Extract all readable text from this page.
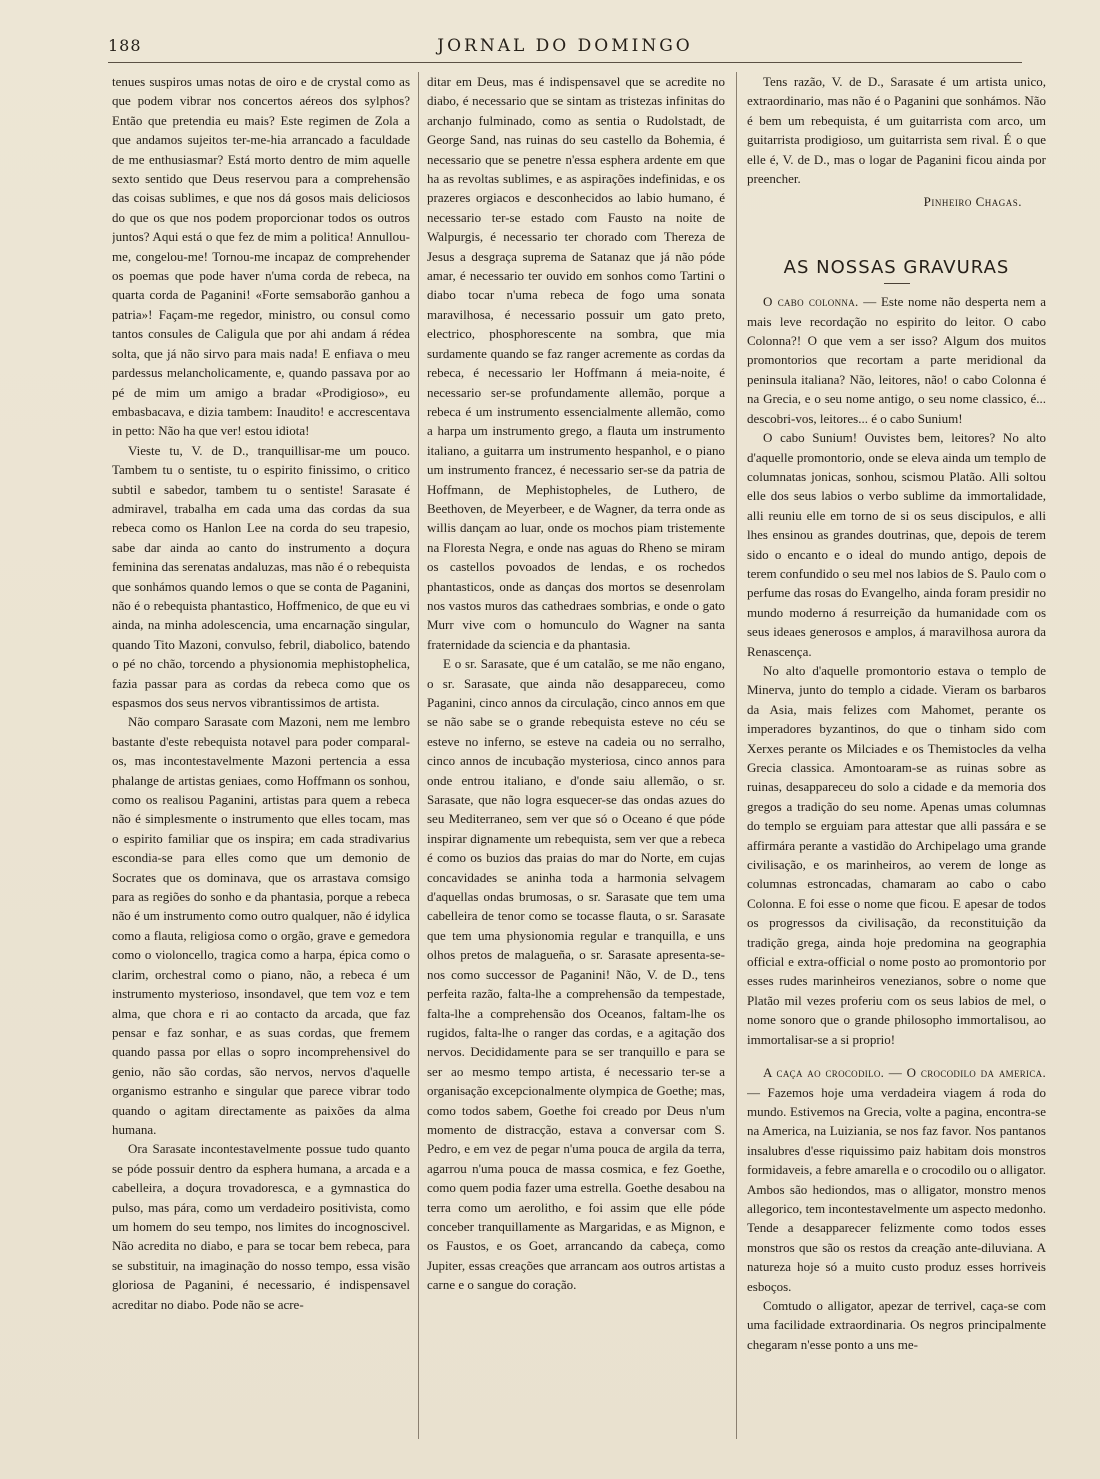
188	JORNAL DO DOMINGO

tenues suspiros umas notas de oiro e de crystal como as que podem vibrar nos concertos aéreos dos sylphos? Então que pretendia eu mais? Este regimen de Zola a que andamos sujeitos ter-me-hia arrancado a faculdade de me enthusiasmar? Está morto dentro de mim aquelle sexto sentido que Deus reservou para a comprehensão das coisas sublimes, e que nos dá gosos mais deliciosos do que os que nos podem proporcionar todos os outros juntos? Aqui está o que fez de mim a politica! Annullou-me, congelou-me! Tornou-me incapaz de comprehender os poemas que pode haver n'uma corda de rebeca, na quarta corda de Paganini! «Forte semsaborão ganhou a patria»! Façam-me regedor, ministro, ou consul como tantos consules de Caligula que por ahi andam á rédea solta, que já não sirvo para mais nada! E enfiava o meu pardessus melancholicamente, e, quando passava por ao pé de mim um amigo a bradar «Prodigioso», eu embasbacava, e dizia tambem: Inaudito! e accrescentava in petto: Não ha que ver! estou idiota!

Vieste tu, V. de D., tranquillisar-me um pouco. Tambem tu o sentiste, tu o espirito finissimo, o critico subtil e sabedor, tambem tu o sentiste! Sarasate é admiravel, trabalha em cada uma das cordas da sua rebeca como os Hanlon Lee na corda do seu trapesio, sabe dar ainda ao canto do instrumento a doçura feminina das serenatas andaluzas, mas não é o rebequista que sonhámos quando lemos o que se conta de Paganini, não é o rebequista phantastico, Hoffmenico, de que eu vi ainda, na minha adolescencia, uma encarnação singular, quando Tito Mazoni, convulso, febril, diabolico, batendo o pé no chão, torcendo a physionomia mephistophelica, fazia passar para as cordas da rebeca como que os espasmos dos seus nervos vibrantissimos de artista.

Não comparo Sarasate com Mazoni, nem me lembro bastante d'este rebequista notavel para poder comparal-os, mas incontestavelmente Mazoni pertencia a essa phalange de artistas geniaes, como Hoffmann os sonhou, como os realisou Paganini, artistas para quem a rebeca não é simplesmente o instrumento que elles tocam, mas o espirito familiar que os inspira; em cada stradivarius escondia-se para elles como que um demonio de Socrates que os dominava, que os arrastava comsigo para as regiões do sonho e da phantasia, porque a rebeca não é um instrumento como outro qualquer, não é idylica como a flauta, religiosa como o orgão, grave e gemedora como o violoncello, tragica como a harpa, épica como o clarim, orchestral como o piano, não, a rebeca é um instrumento mysterioso, insondavel, que tem voz e tem alma, que chora e ri ao contacto da arcada, que faz pensar e faz sonhar, e as suas cordas, que fremem quando passa por ellas o sopro incomprehensivel do genio, não são cordas, são nervos, nervos d'aquelle organismo estranho e singular que parece vibrar todo quando o agitam directamente as paixões da alma humana.

Ora Sarasate incontestavelmente possue tudo quanto se póde possuir dentro da esphera humana, a arcada e a cabelleira, a doçura trovadoresca, e a gymnastica do pulso, mas pára, como um verdadeiro positivista, como um homem do seu tempo, nos limites do incognoscivel. Não acredita no diabo, e para se tocar bem rebeca, para se substituir, na imaginação do nosso tempo, essa visão gloriosa de Paganini, é necessario, é indispensavel acreditar no diabo. Pode não se acre-

ditar em Deus, mas é indispensavel que se acredite no diabo, é necessario que se sintam as tristezas infinitas do archanjo fulminado, como as sentia o Rudolstadt, de George Sand, nas ruinas do seu castello da Bohemia, é necessario que se penetre n'essa esphera ardente em que ha as revoltas sublimes, e as aspirações indefinidas, e os prazeres orgiacos e desconhecidos ao labio humano, é necessario ter-se estado com Fausto na noite de Walpurgis, é necessario ter chorado com Thereza de Jesus a desgraça suprema de Satanaz que já não póde amar, é necessario ter ouvido em sonhos como Tartini o diabo tocar n'uma rebeca de fogo uma sonata maravilhosa, é necessario possuir um gato preto, electrico, phosphorescente na sombra, que mia surdamente quando se faz ranger acremente as cordas da rebeca, é necessario ler Hoffmann á meia-noite, é necessario ser-se profundamente allemão, porque a rebeca é um instrumento essencialmente allemão, como a harpa um instrumento grego, a flauta um instrumento italiano, a guitarra um instrumento hespanhol, e o piano um instrumento francez, é necessario ser-se da patria de Hoffmann, de Mephistopheles, de Luthero, de Beethoven, de Meyerbeer, e de Wagner, da terra onde as willis dançam ao luar, onde os mochos piam tristemente na Floresta Negra, e onde nas aguas do Rheno se miram os castellos povoados de lendas, e os rochedos phantasticos, onde as danças dos mortos se desenrolam nos vastos muros das cathedraes sombrias, e onde o gato Murr vive com o homunculo do Wagner na santa fraternidade da sciencia e da phantasia.

E o sr. Sarasate, que é um catalão, se me não engano, o sr. Sarasate, que ainda não desappareceu, como Paganini, cinco annos da circulação, cinco annos em que se não sabe se o grande rebequista esteve no céu se esteve no inferno, se esteve na cadeia ou no serralho, cinco annos de incubação mysteriosa, cinco annos para onde entrou italiano, e d'onde saiu allemão, o sr. Sarasate, que não logra esquecer-se das ondas azues do seu Mediterraneo, sem ver que só o Oceano é que póde inspirar dignamente um rebequista, sem ver que a rebeca é como os buzios das praias do mar do Norte, em cujas concavidades se aninha toda a harmonia selvagem d'aquellas ondas brumosas, o sr. Sarasate que tem uma cabelleira de tenor como se tocasse flauta, o sr. Sarasate que tem uma physionomia regular e tranquilla, e uns olhos pretos de malagueña, o sr. Sarasate apresenta-se-nos como successor de Paganini! Não, V. de D., tens perfeita razão, falta-lhe a comprehensão da tempestade, falta-lhe a comprehensão dos Oceanos, faltam-lhe os rugidos, falta-lhe o ranger das cordas, e a agitação dos nervos. Decididamente para se ser tranquillo e para se ser ao mesmo tempo artista, é necessario ter-se a organisação excepcionalmente olympica de Goethe; mas, como todos sabem, Goethe foi creado por Deus n'um momento de distracção, estava a conversar com S. Pedro, e em vez de pegar n'uma pouca de argila da terra, agarrou n'uma pouca de massa cosmica, e fez Goethe, como quem podia fazer uma estrella. Goethe desabou na terra como um aerolitho, e foi assim que elle póde conceber tranquillamente as Margaridas, e as Mignon, e os Faustos, e os Goet, arrancando da cabeça, como Jupiter, essas creações que arrancam aos outros artistas a carne e o sangue do coração.

Tens razão, V. de D., Sarasate é um artista unico, extraordinario, mas não é o Paganini que sonhámos. Não é bem um rebequista, é um guitarrista com arco, um guitarrista prodigioso, um guitarrista sem rival. É o que elle é, V. de D., mas o logar de Paganini ficou ainda por preencher.

Pinheiro Chagas.
AS NOSSAS GRAVURAS

O cabo colonna. — Este nome não desperta nem a mais leve recordação no espirito do leitor. O cabo Colonna?! O que vem a ser isso? Algum dos muitos promontorios que recortam a parte meridional da peninsula italiana? Não, leitores, não! o cabo Colonna é na Grecia, e o seu nome antigo, o seu nome classico, é... descobri-vos, leitores... é o cabo Sunium!

O cabo Sunium! Ouvistes bem, leitores? No alto d'aquelle promontorio, onde se eleva ainda um templo de columnatas jonicas, sonhou, scismou Platão. Alli soltou elle dos seus labios o verbo sublime da immortalidade, alli reuniu elle em torno de si os seus discipulos, e alli lhes ensinou as grandes doutrinas, que, depois de terem sido o encanto e o ideal do mundo antigo, depois de terem confundido o seu mel nos labios de S. Paulo com o perfume das rosas do Evangelho, ainda foram presidir no mundo moderno á resurreição da humanidade com os seus ideaes generosos e amplos, á maravilhosa aurora da Renascença.

No alto d'aquelle promontorio estava o templo de Minerva, junto do templo a cidade. Vieram os barbaros da Asia, mais felizes com Mahomet, perante os imperadores byzantinos, do que o tinham sido com Xerxes perante os Milciades e os Themistocles da velha Grecia classica. Amontoaram-se as ruinas sobre as ruinas, desappareceu do solo a cidade e da memoria dos gregos a tradição do seu nome. Apenas umas columnas do templo se erguiam para attestar que alli passára e se affirmára perante a vastidão do Archipelago uma grande civilisação, e os marinheiros, ao verem de longe as columnas estroncadas, chamaram ao cabo o cabo Colonna. E foi esse o nome que ficou. E apesar de todos os progressos da civilisação, da reconstituição da tradição grega, ainda hoje predomina na geographia official e extra-official o nome posto ao promontorio por esses rudes marinheiros venezianos, sobre o nome que Platão mil vezes proferiu com os seus labios de mel, o nome sonoro que o grande philosopho immortalisou, ao immortalisar-se a si proprio!

A caça ao crocodilo. — O crocodilo da america. — Fazemos hoje uma verdadeira viagem á roda do mundo. Estivemos na Grecia, volte a pagina, encontra-se na America, na Luiziania, se nos faz favor. Nos pantanos insalubres d'esse riquissimo paiz habitam dois monstros formidaveis, a febre amarella e o crocodilo ou o alligator. Ambos são hediondos, mas o alligator, monstro menos allegorico, tem incontestavelmente um aspecto medonho. Tende a desapparecer felizmente como todos esses monstros que são os restos da creação ante-diluviana. A natureza hoje só a muito custo produz esses horriveis esboços.

Comtudo o alligator, apezar de terrivel, caça-se com uma facilidade extraordinaria. Os negros principalmente chegaram n'esse ponto a uns me-
